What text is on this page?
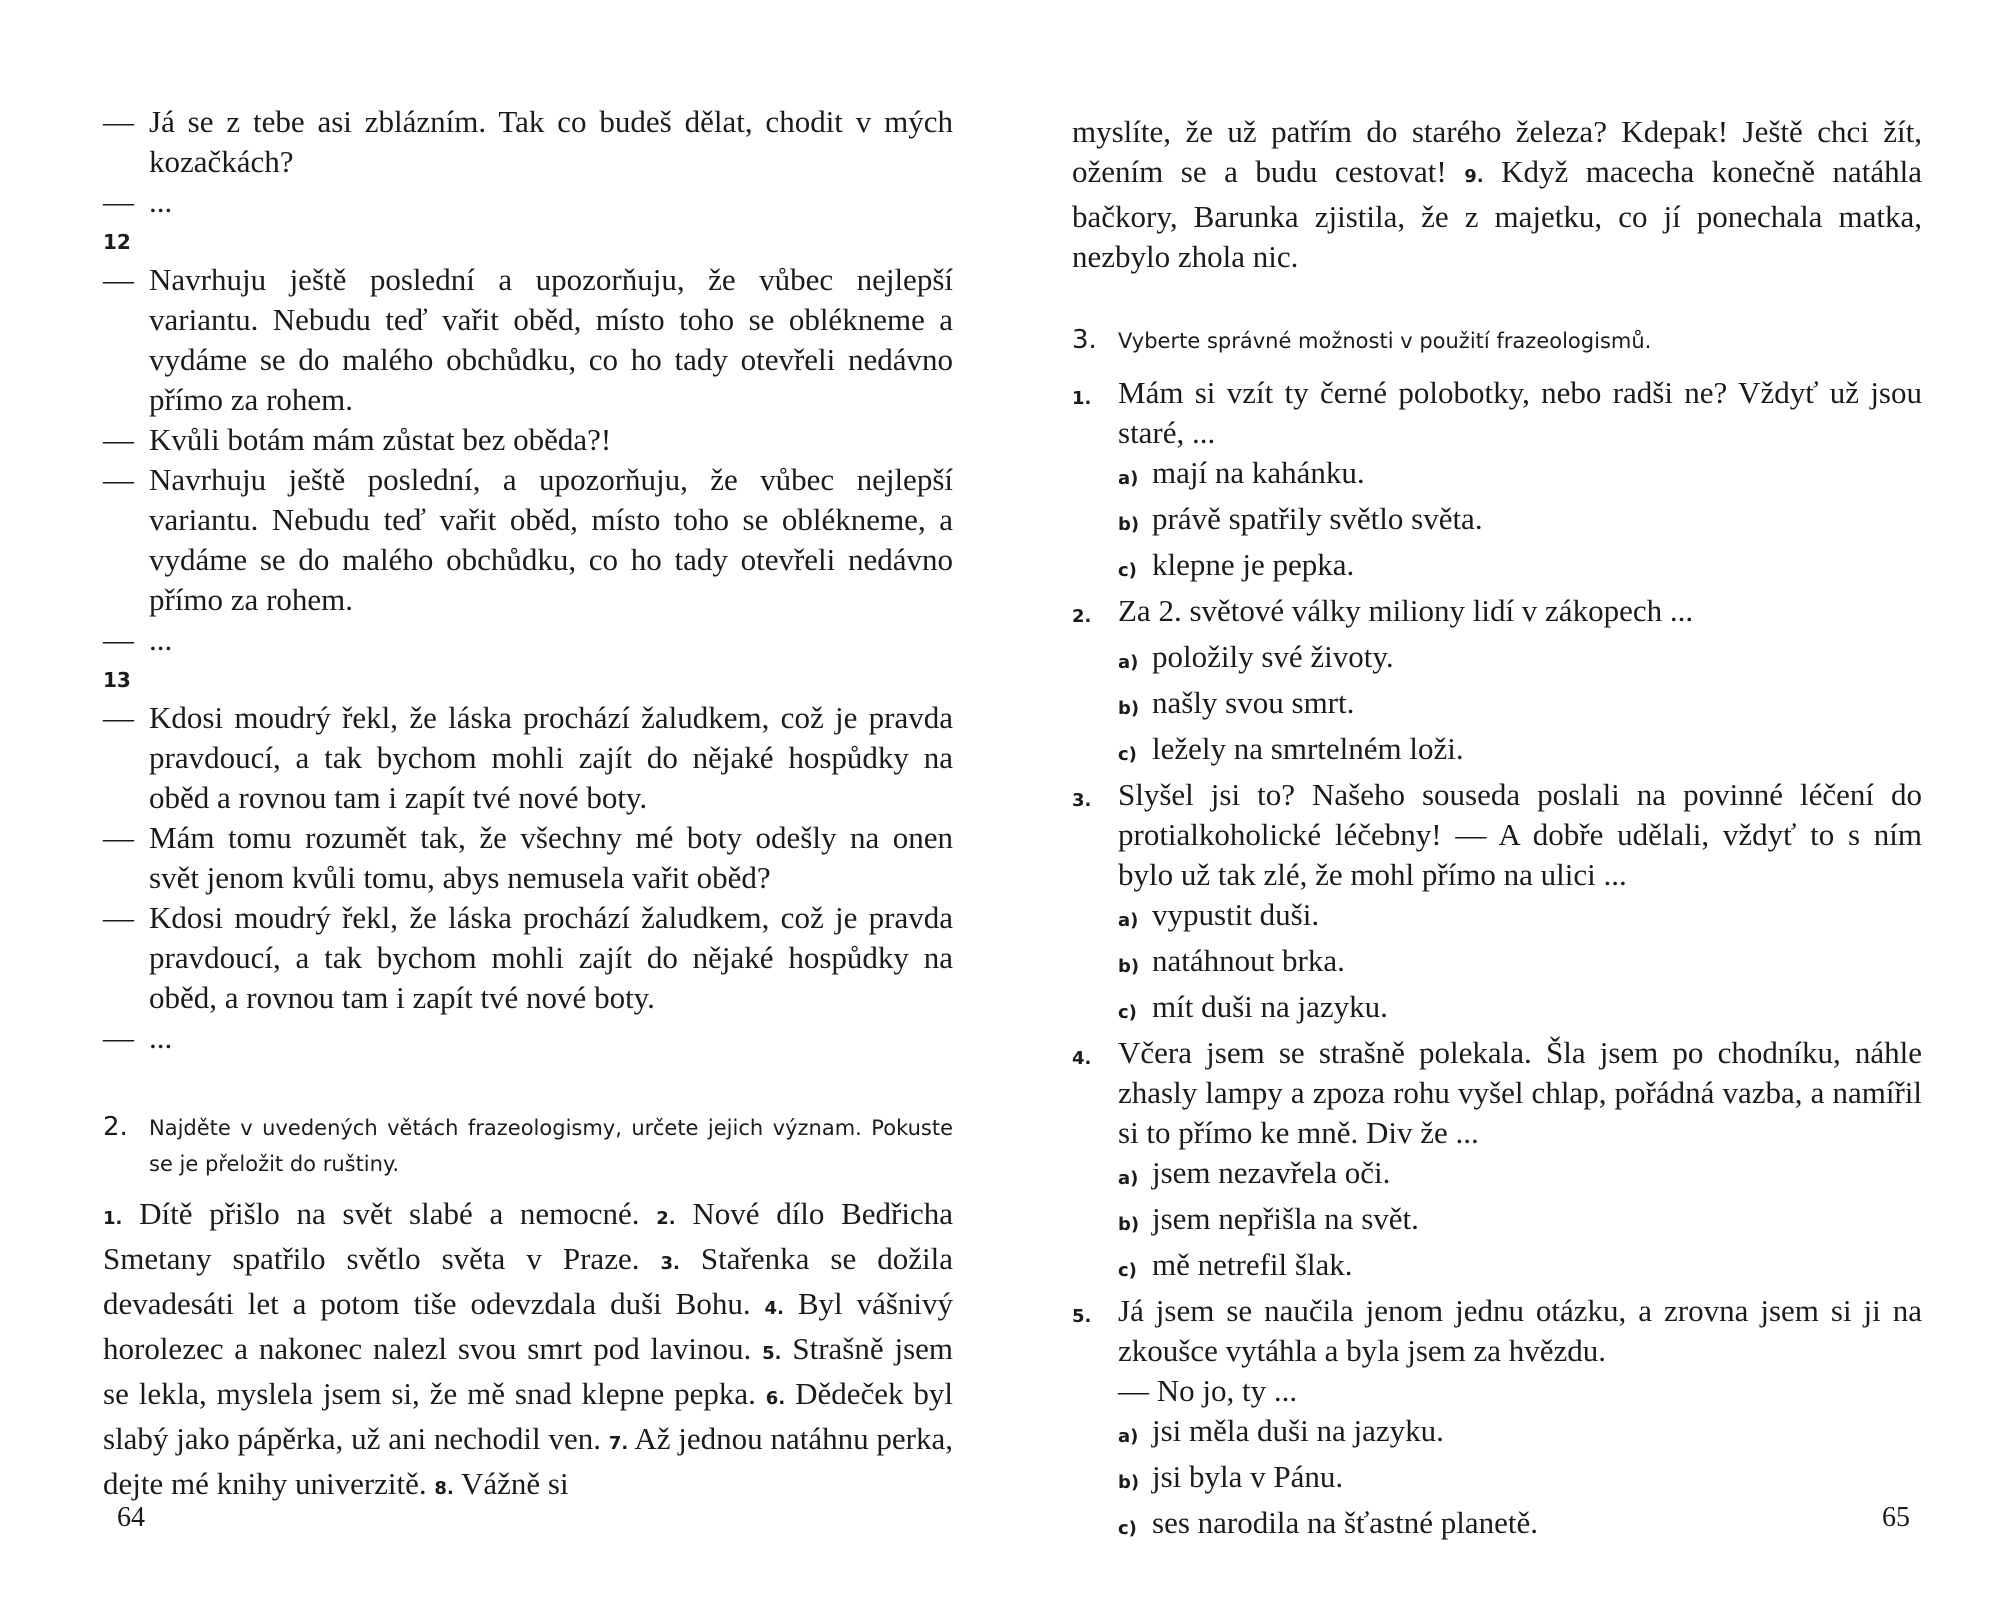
— Já se z tebe asi zblázním. Tak co budeš dělat, chodit v mých kozačkách?
— ...
12
— Navrhuju ještě poslední a upozorňuju, že vůbec nejlepší variantu. Nebudu teď vařit oběd, místo toho se oblékneme a vydáme se do malého obchůdku, co ho tady otevřeli nedávno přímo za rohem.
— Kvůli botám mám zůstat bez oběda?!
— Navrhuju ještě poslední, a upozorňuju, že vůbec nejlepší variantu. Nebudu teď vařit oběd, místo toho se oblékneme, a vydáme se do malého obchůdku, co ho tady otevřeli nedávno přímo za rohem.
— ...
13
— Kdosi moudrý řekl, že láska prochází žaludkem, což je pravda pravdoucí, a tak bychom mohli zajít do nějaké hospůdky na oběd a rovnou tam i zapít tvé nové boty.
— Mám tomu rozumět tak, že všechny mé boty odešly na onen svět jenom kvůli tomu, abys nemusela vařit oběd?
— Kdosi moudrý řekl, že láska prochází žaludkem, což je pravda pravdoucí, a tak bychom mohli zajít do nějaké hospůdky na oběd, a rovnou tam i zapít tvé nové boty.
— ...
2.	Najděte v uvedených větách frazeologismy, určete jejich význam. Pokuste se je přeložit do ruštiny.
1. Dítě přišlo na svět slabé a nemocné. 2. Nové dílo Bedřicha Smetany spatřilo světlo světa v Praze. 3. Stařenka se dožila devadesáti let a potom tiše odevzdala duši Bohu. 4. Byl vášnivý horolezec a nakonec nalezl svou smrt pod lavinou. 5. Strašně jsem se lekla, myslela jsem si, že mě snad klepne pepka. 6. Dědeček byl slabý jako pápěrka, už ani nechodil ven. 7. Až jednou natáhnu perka, dejte mé knihy univerzitě. 8. Vážně si
64
myslíte, že už patřím do starého železa? Kdepak! Ještě chci žít, ožením se a budu cestovat! 9. Když macecha konečně natáhla bačkory, Barunka zjistila, že z majetku, co jí ponechala matka, nezbylo zhola nic.
3.	Vyberte správné možnosti v použití frazeologismů.
1. Mám si vzít ty černé polobotky, nebo radši ne? Vždyť už jsou staré, ...
a) mají na kahánku.
b) právě spatřily světlo světa.
c) klepne je pepka.
2. Za 2. světové války miliony lidí v zákopech ...
a) položily své životy.
b) našly svou smrt.
c) ležely na smrtelném loži.
3. Slyšel jsi to? Našeho souseda poslali na povinné léčení do protialkoholické léčebny! — A dobře udělali, vždyť to s ním bylo už tak zlé, že mohl přímo na ulici ...
a) vypustit duši.
b) natáhnout brka.
c) mít duši na jazyku.
4. Včera jsem se strašně polekala. Šla jsem po chodníku, náhle zhasly lampy a zpoza rohu vyšel chlap, pořádná vazba, a namířil si to přímo ke mně. Div že ...
a) jsem nezavřela oči.
b) jsem nepřišla na svět.
c) mě netrefil šlak.
5. Já jsem se naučila jenom jednu otázku, a zrovna jsem si ji na zkoušce vytáhla a byla jsem za hvězdu.
— No jo, ty ...
a) jsi měla duši na jazyku.
b) jsi byla v Pánu.
c) ses narodila na šťastné planetě.	65
